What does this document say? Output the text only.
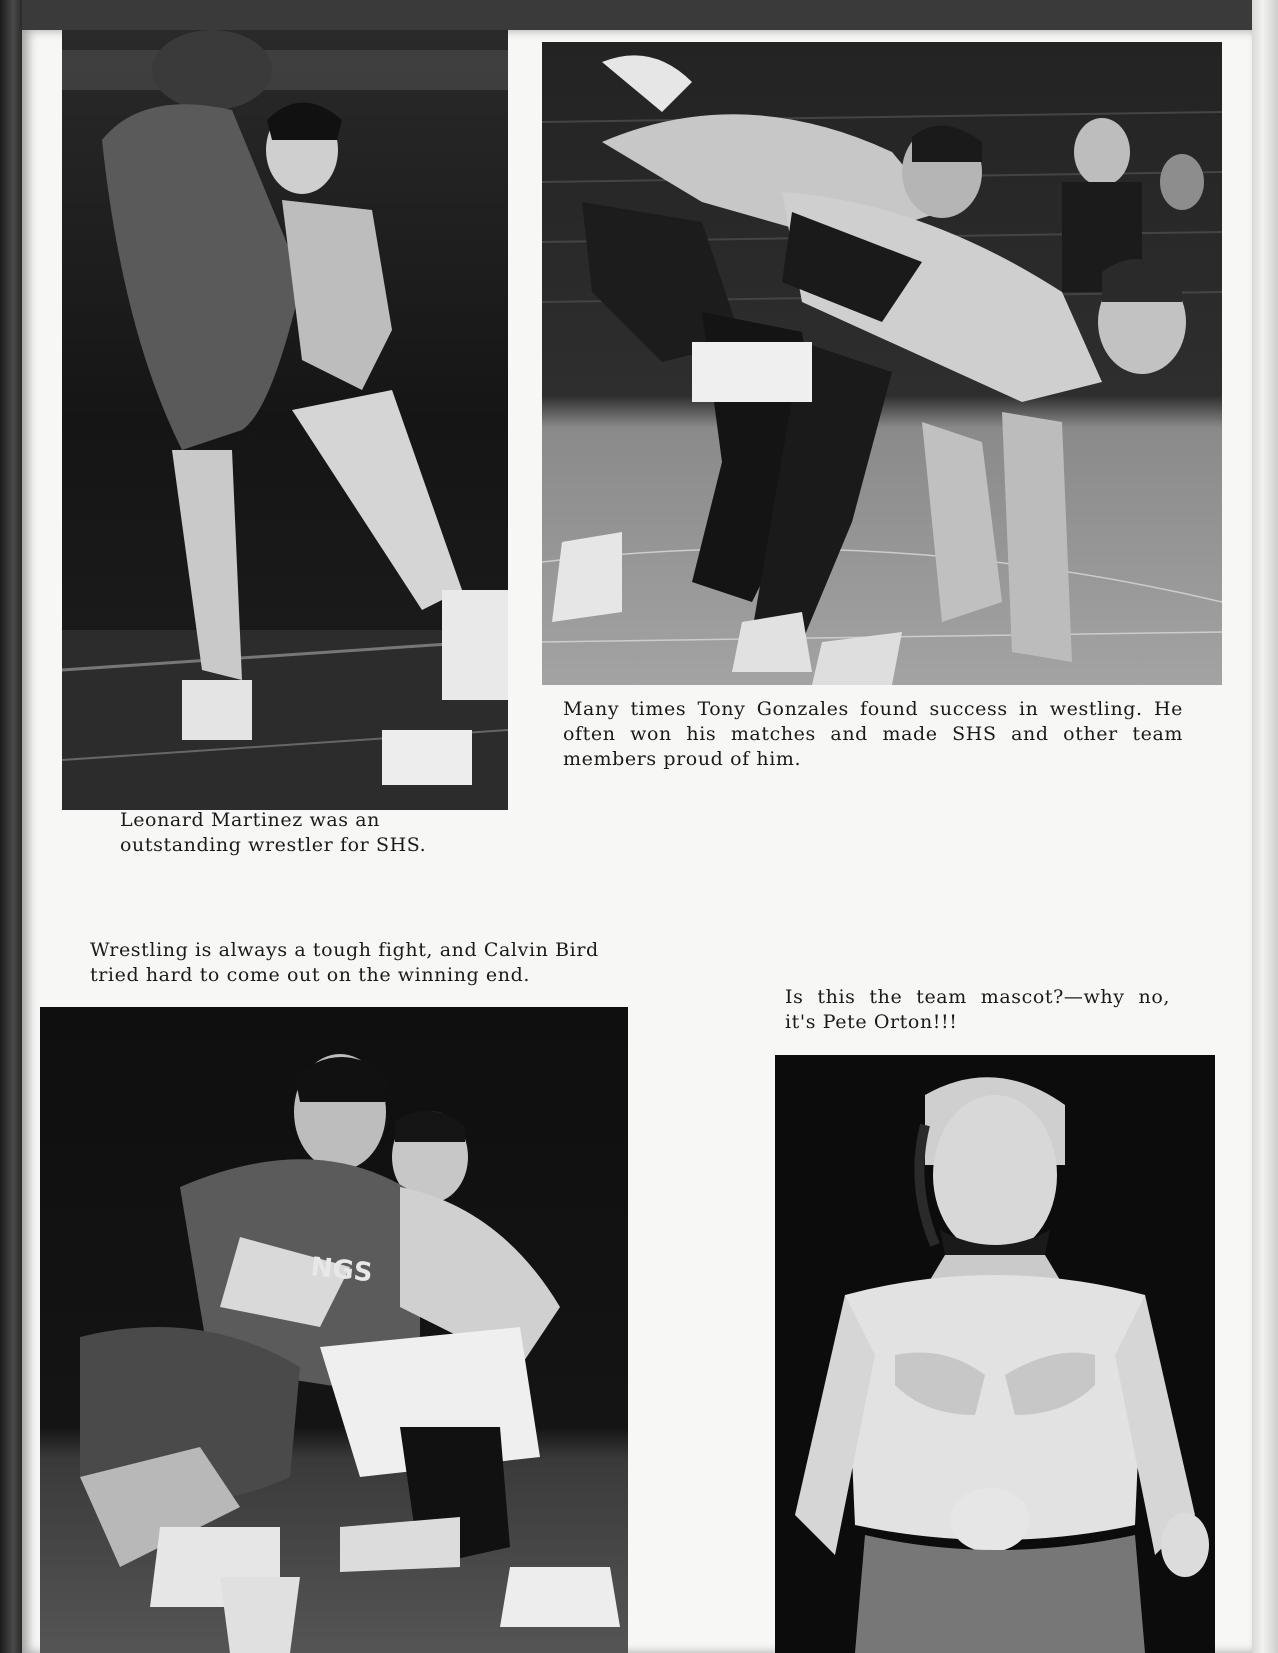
Leonard Martinez was an outstanding wrestler for SHS.

Many times Tony Gonzales found success in westling. He often won his matches and made SHS and other team members proud of him.

Wrestling is always a tough fight, and Calvin Bird tried hard to come out on the winning end.

Is this the team mascot?—why no, it's Pete Orton!!!

NGS
